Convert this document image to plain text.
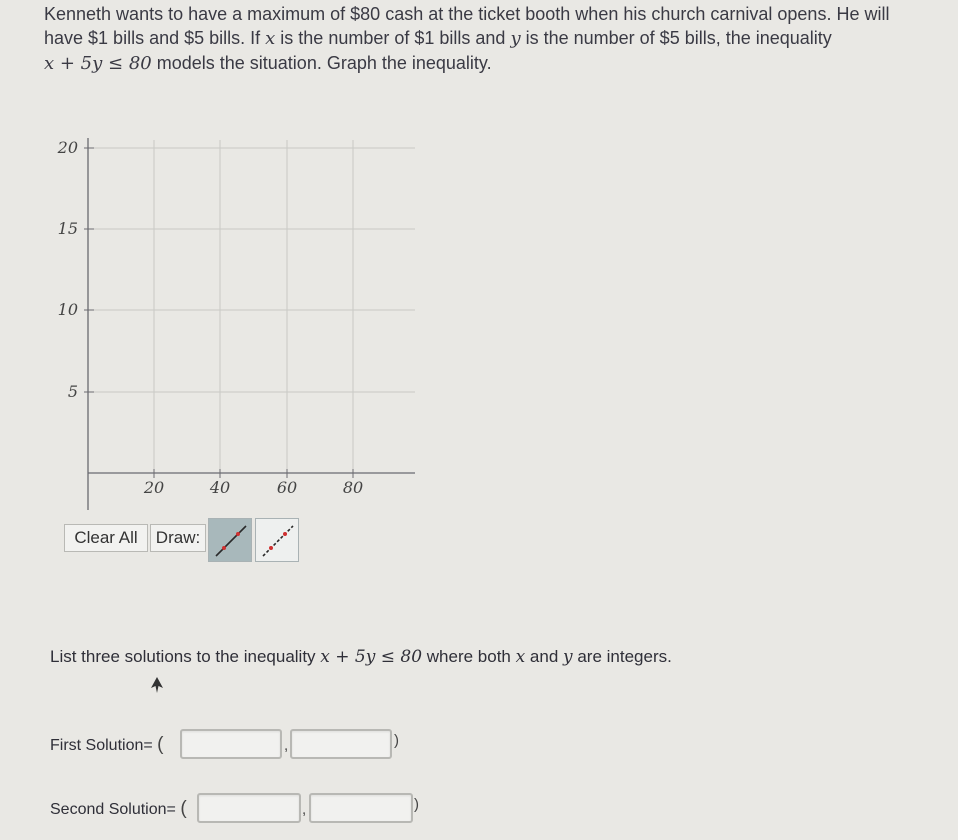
Kenneth wants to have a maximum of $80 cash at the ticket booth when his church carnival opens. He will
have $1 bills and $5 bills. If x is the number of $1 bills and y is the number of $5 bills, the inequality
x + 5y ≤ 80 models the situation. Graph the inequality.
20
15
10
5
20	40	60	80
Clear All	Draw:
List three solutions to the inequality x + 5y ≤ 80 where both x and y are integers.
First Solution= (	,	)
Second Solution= (	,	)
